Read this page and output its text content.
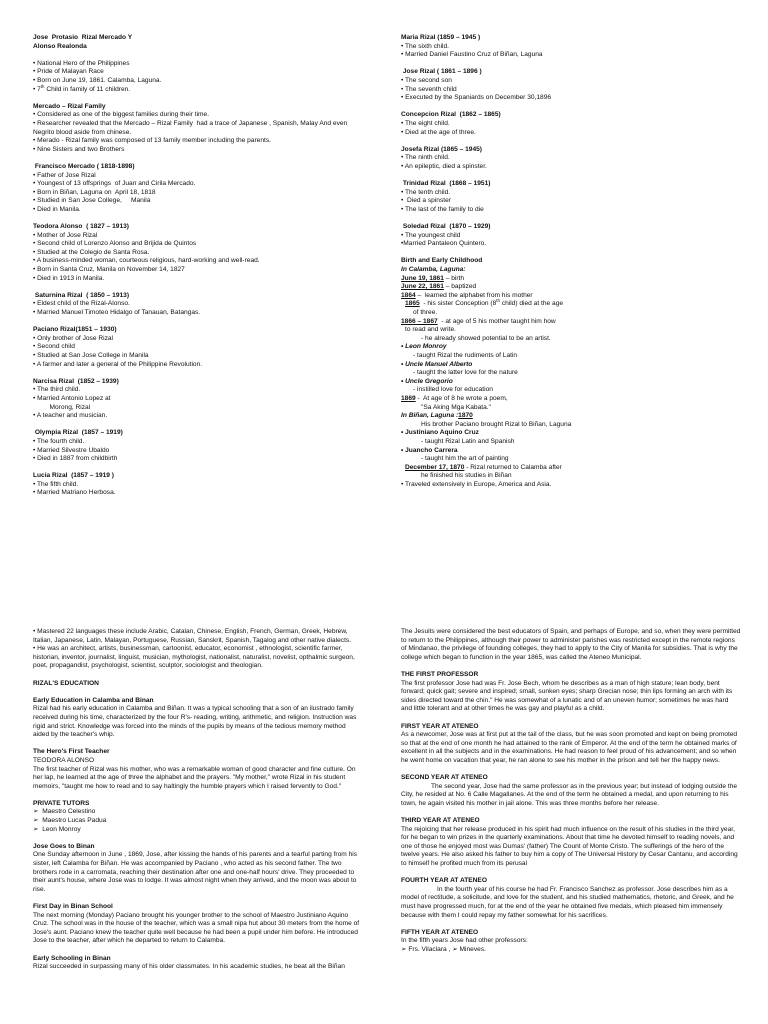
Jose  Protasio  Rizal Mercado Y
Alonso Realonda
• National Hero of the Philippines
• Pride of Malayan Race
• Born on June 19, 1861. Calamba, Laguna.
• 7th Child in family of 11 children.
Mercado – Rizal Family
• Considered as one of the biggest families during their time.
• Researcher revealed that the Mercado – Rizal Family  had a trace of Japanese , Spanish, Malay And even Negrito blood aside from chinese.
• Merado - Rizal family was composed of 13 family member including the parents.
• Nine Sisters and two Brothers
Francisco Mercado ( 1818-1898)
• Father of Jose Rizal
• Youngest of 13 offsprings  of Juan and Cirila Mercado.
• Born in Biñan, Laguna on  April 18, 1818
• Studied in San Jose College,     Manila
• Died in Manila.
Teodora Alonso  ( 1827 – 1913)
• Mother of Jose Rizal
• Second child of Lorenzo Alonso and Brijida de Quintos
• Studied at the Colegio de Santa Rosa.
• A business-minded woman, courteous religious, hard-working and well-read.
• Born in Santa Cruz, Manila on November 14, 1827
• Died in 1913 in Manila.
Saturnina Rizal  ( 1850 – 1913)
• Eldest child of the Rizal-Alonso.
• Married Manuel Timoteo Hidalgo of Tanauan, Batangas.
Paciano Rizal(1851 – 1930)
• Only brother of Jose Rizal
• Second child
• Studied at San Jose College in Manila
• A farmer and later a general of the Philippine Revolution.
Narcisa Rizal  (1852 – 1939)
• The third child.
• Married Antonio Lopez at
Morong, Rizal
• A teacher and musician.
Olympia Rizal  (1857 – 1919)
• The fourth child.
• Married Silvestre Ubaldo
• Died in 1887 from childbirth
Lucia Rizal  (1857 – 1919 )
• The fifth child.
• Married Matriano Herbosa.
Maria Rizal (1859 – 1945 )
• The sixth child.
• Married Daniel Faustino Cruz of Biñan, Laguna
Jose Rizal ( 1861 – 1896 )
• The second son
• The seventh child
• Executed by the Spaniards on December 30,1896
Concepcion Rizal  (1862 – 1865)
• The eight child.
• Died at the age of three.
Josefa Rizal (1865 – 1945)
• The ninth child.
• An epileptic, died a spinster.
Trinidad Rizal  (1868 – 1951)
• The tenth child.
•  Died a spinster
• The last of the family to die
Soledad Rizal  (1870 – 1929)
• The youngest child
•Married Pantaleon Quintero.
Birth and Early Childhood
In Calamba, Laguna:
June 19, 1861 – birth
June 22, 1861 – baptized
1864 –  learned the alphabet from his mother
1865  - his sister Conception (8th child) died at the age
of three.
1866 – 1867  - at age of 5 his mother taught him how
to read and write.
- he already showed potential to be an artist.
• Leon Monroy
- taught Rizal the rudiments of Latin
• Uncle Manuel Alberto
- taught the latter love for the nature
• Uncle Gregorio
- instilled love for education
1869 -  At age of 8 he wrote a poem,
"Sa Aking Mga Kabata."
In Biñan, Laguna :1870
His brother Paciano brought Rizal to Biñan, Laguna
• Justiniano Aquino Cruz
- taught Rizal Latin and Spanish
• Juancho Carrera
- taught him the art of painting
December 17, 1870 - Rizal returned to Calamba after
he finished his studies in Biñan
• Traveled extensively in Europe, America and Asia.

• Mastered 22 languages these include Arabic, Catalan, Chinese, English, French, German, Greek, Hebrew, Italian, Japanese, Latin, Malayan, Portuguese, Russian, Sanskrit, Spanish, Tagalog and other native dialects.

• He was an architect, artists, businessman, cartoonist, educator, economist , ethnologist, scientific farmer, historian, inventor, journalist, linguist, musician, mythologist, nationalist, naturalist, novelist, opthalmic surgeon, poet, propagandist, psychologist, scientist, sculptor, sociologist and theologian.

RIZAL'S EDUCATION
Early Education in Calamba and Binan

Rizal had his early education in Calamba and Biñan. It was a typical schooling that a son of an ilustrado family received during his time, characterized by the four R's- reading, writing, arithmetic, and religion. Instruction was rigid and strict. Knowledge was forced into the minds of the pupils by means of the tedious memory method aided by the teacher's whip.

The Hero's First Teacher
TEODORA ALONSO

The first teacher of Rizal was his mother, who was a remarkable woman of good character and fine culture. On her lap, he learned at the age of three the alphabet and the prayers. "My mother," wrote Rizal in his student memoirs, "taught me how to read and to say haltingly the humble prayers which I raised fervently to God."

PRIVATE TUTORS
➢  Maestro Celestino
➢  Maestro Lucas Padua
➢  Leon Monroy
Jose Goes to Binan

One Sunday afternoon in June , 1869, Jose, after kissing the hands of his parents and a tearful parting from his sister, left Calamba for Biñan. He was accompanied by Paciano , who acted as his second father. The two brothers rode in a carromata, reaching their destination after one and one-half hours' drive. They proceeded to their aunt's house, where Jose was to lodge. It was almost night when they arrived, and the moon was about to rise.

First Day in Binan School

The next morning (Monday) Paciano brought his younger brother to the school of Maestro Justiniano Aquino Cruz. The school was in the house of the teacher, which was a small nipa hut about 30 meters from the home of Jose's aunt. Paciano knew the teacher quite well because he had been a pupil under him before. He introduced Jose to the teacher, after which he departed to return to Calamba.

Early Schooling in Binan

Rizal succeeded in surpassing many of his older classmates. In his academic studies, he beat all the Biñan

The Jesuits were considered the best educators of Spain, and perhaps of Europe, and so, when they were permitted to return to the Philippines, although their power to administer parishes was restricted except in the remote regions of Mindanao, the privilege of founding colleges, they had to apply to the City of Manila for subsidies. That is why the college which began to function in the year 1865, was called the Ateneo Municipal.

THE FIRST PROFESSOR

The first professor Jose had was Fr. Jose Bech, whom he describes as a man of high stature; lean body, bent forward; quick gait; severe and inspired; small, sunken eyes; sharp Grecian nose; thin lips forming an arch with its sides directed toward the chin." He was somewhat of a lunatic and of an uneven humor; sometimes he was hard and little tolerant and at other times he was gay and playful as a child.

FIRST YEAR AT ATENEO

As a newcomer, Jose was at first put at the tail of the class, but he was soon promoted and kept on being promoted so that at the end of one month he had attained to the rank of Emperor. At the end of the term he obtained marks of excellent in all the subjects and in the examinations. He had reason to feel proud of his advancement; and so when he went home on vacation that year, he ran alone to see his mother in the prison and tell her the happy news.

SECOND YEAR AT ATENEO

The second year, Jose had the same professor as in the previous year; but instead of lodging outside the City, he resided at No. 6 Calle Magallanes. At the end of the term he obtained a medal, and upon returning to his town, he again visited his mother in jail alone. This was three months before her release.

THIRD YEAR AT ATENEO

The rejoicing that her release produced in his spirit had much influence on the result of his studies in the third year, for he began to win prizes in the quarterly examinations. About that time he devoted himself to reading novels, and one of those he enjoyed most was Dumas' (father) The Count of Monte Cristo. The sufferings of the hero of the twelve years. He also asked his father to buy him a copy of The Universal History by Cesar Cantanu, and according to himself he profited much from its perusal

FOURTH YEAR AT ATENEO

In the fourth year of his course he had Fr. Francisco Sanchez as professor. Jose describes him as a model of rectitude, a solicitude, and love for the student, and his studied mathematics, rhetoric, and Greek, and he must have progressed much, for at the end of the year he obtained five medals, which pleased him immensely because with them I could repay my father somewhat for his sacrifices.

FIFTH YEAR AT ATENEO

In the fifth years Jose had other professors:

➢ Frs. Vilaclara , ➢ Mineves.
